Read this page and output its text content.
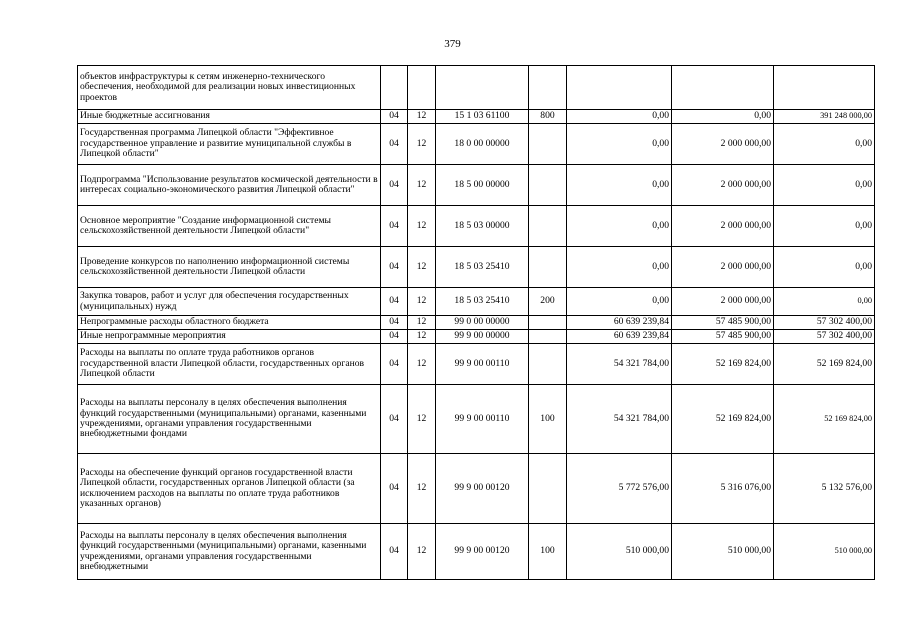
379
объектов инфраструктуры к сетям инженерно-технического обеспечения, необходимой для реализации новых инвестиционных проектов							
Иные бюджетные ассигнования	04	12	15 1 03 61100	800	0,00	0,00	391 248 000,00
Государственная программа Липецкой области "Эффективное государственное управление и развитие муниципальной службы в Липецкой области"	04	12	18 0 00 00000		0,00	2 000 000,00	0,00
Подпрограмма "Использование результатов космической деятельности в интересах социально-экономического развития Липецкой области"	04	12	18 5 00 00000		0,00	2 000 000,00	0,00
Основное мероприятие "Создание информационной системы сельскохозяйственной деятельности Липецкой области"	04	12	18 5 03 00000		0,00	2 000 000,00	0,00
Проведение конкурсов по наполнению информационной системы сельскохозяйственной деятельности Липецкой области	04	12	18 5 03 25410		0,00	2 000 000,00	0,00
Закупка товаров, работ и услуг для обеспечения государственных (муниципальных) нужд	04	12	18 5 03 25410	200	0,00	2 000 000,00	0,00
Непрограммные расходы областного бюджета	04	12	99 0 00 00000		60 639 239,84	57 485 900,00	57 302 400,00
Иные непрограммные мероприятия	04	12	99 9 00 00000		60 639 239,84	57 485 900,00	57 302 400,00
Расходы на выплаты по оплате труда работников органов государственной власти Липецкой области, государственных органов Липецкой области	04	12	99 9 00 00110		54 321 784,00	52 169 824,00	52 169 824,00
Расходы на выплаты персоналу в целях обеспечения выполнения функций государственными (муниципальными) органами, казенными учреждениями, органами управления государственными внебюджетными фондами	04	12	99 9 00 00110	100	54 321 784,00	52 169 824,00	52 169 824,00
Расходы на обеспечение функций органов государственной власти Липецкой области, государственных органов Липецкой области (за исключением расходов на выплаты по оплате труда работников указанных органов)	04	12	99 9 00 00120		5 772 576,00	5 316 076,00	5 132 576,00
Расходы на выплаты персоналу в целях обеспечения выполнения функций государственными (муниципальными) органами, казенными учреждениями, органами управления государственными внебюджетными	04	12	99 9 00 00120	100	510 000,00	510 000,00	510 000,00
